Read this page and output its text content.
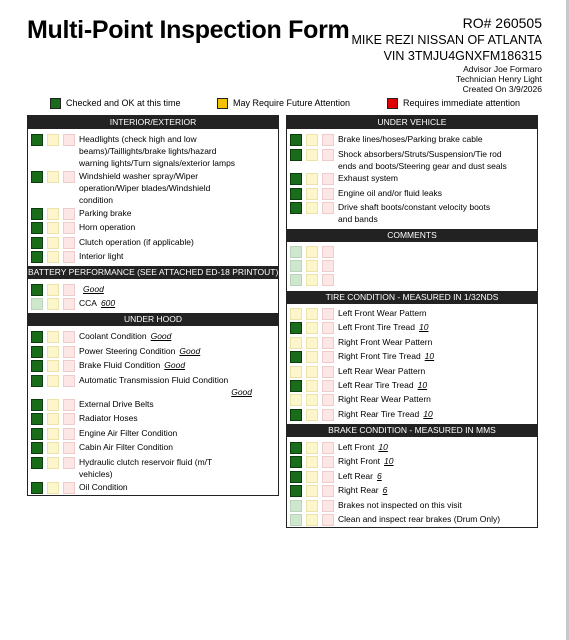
Multi-Point Inspection Form	RO# 260505
MIKE REZI NISSAN OF ATLANTA
VIN 3TMJU4GNXFM186315
Advisor Joe Formaro
Technician Henry Light
Created On 3/9/2026
Checked and OK at this time	May Require Future Attention	Requires immediate attention
INTERIOR/EXTERIOR
Headlights (check high and low
beams)/Taillights/brake lights/hazard
warning lights/Turn signals/exterior lamps
Windshield washer spray/Wiper
operation/Wiper blades/Windshield
condition
Parking brake
Horn operation
Clutch operation (if applicable)
Interior light
BATTERY PERFORMANCE (SEE ATTACHED ED-18 PRINTOUT)
Good
CCA 600
UNDER HOOD
Coolant Condition Good
Power Steering Condition Good
Brake Fluid Condition Good
Automatic Transmission Fluid Condition
Good
External Drive Belts
Radiator Hoses
Engine Air Filter Condition
Cabin Air Filter Condition
Hydraulic clutch reservoir fluid (m/T
vehicles)
Oil Condition
UNDER VEHICLE
Brake lines/hoses/Parking brake cable
Shock absorbers/Struts/Suspension/Tie rod
ends and boots/Steering gear and dust seals
Exhaust system
Engine oil and/or fluid leaks
Drive shaft boots/constant velocity boots
and bands
COMMENTS
TIRE CONDITION - MEASURED IN 1/32NDS
Left Front Wear Pattern
Left Front Tire Tread 10
Right Front Wear Pattern
Right Front Tire Tread 10
Left Rear Wear Pattern
Left Rear Tire Tread 10
Right Rear Wear Pattern
Right Rear Tire Tread 10
BRAKE CONDITION - MEASURED IN MMS
Left Front 10
Right Front 10
Left Rear 6
Right Rear 6
Brakes not inspected on this visit
Clean and inspect rear brakes (Drum Only)
